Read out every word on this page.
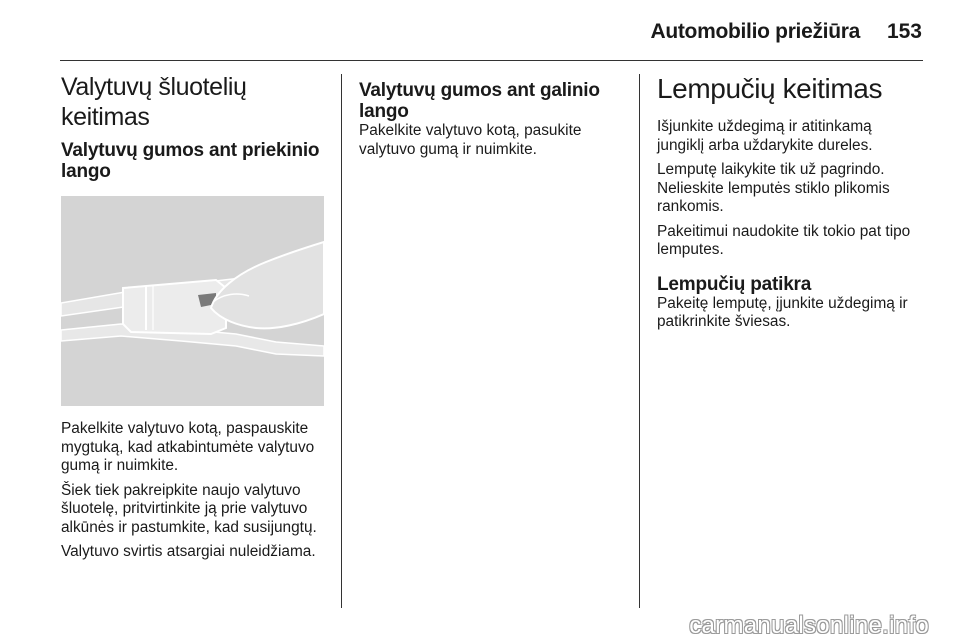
Automobilio priežiūra	153
Valytuvų šluotelių keitimas
Valytuvų gumos ant priekinio lango

Pakelkite valytuvo kotą, paspauskite mygtuką, kad atkabintumėte valytuvo gumą ir nuimkite.

Šiek tiek pakreipkite naujo valytuvo šluotelę, pritvirtinkite ją prie valytuvo alkūnės ir pastumkite, kad susijungtų.

Valytuvo svirtis atsargiai nuleidžiama.

Valytuvų gumos ant galinio lango

Pakelkite valytuvo kotą, pasukite valytuvo gumą ir nuimkite.

Lempučių keitimas

Išjunkite uždegimą ir atitinkamą jungiklį arba uždarykite dureles.

Lemputę laikykite tik už pagrindo. Nelieskite lemputės stiklo plikomis rankomis.

Pakeitimui naudokite tik tokio pat tipo lemputes.

Lempučių patikra

Pakeitę lemputę, įjunkite uždegimą ir patikrinkite šviesas.

carmanualsonline.info
